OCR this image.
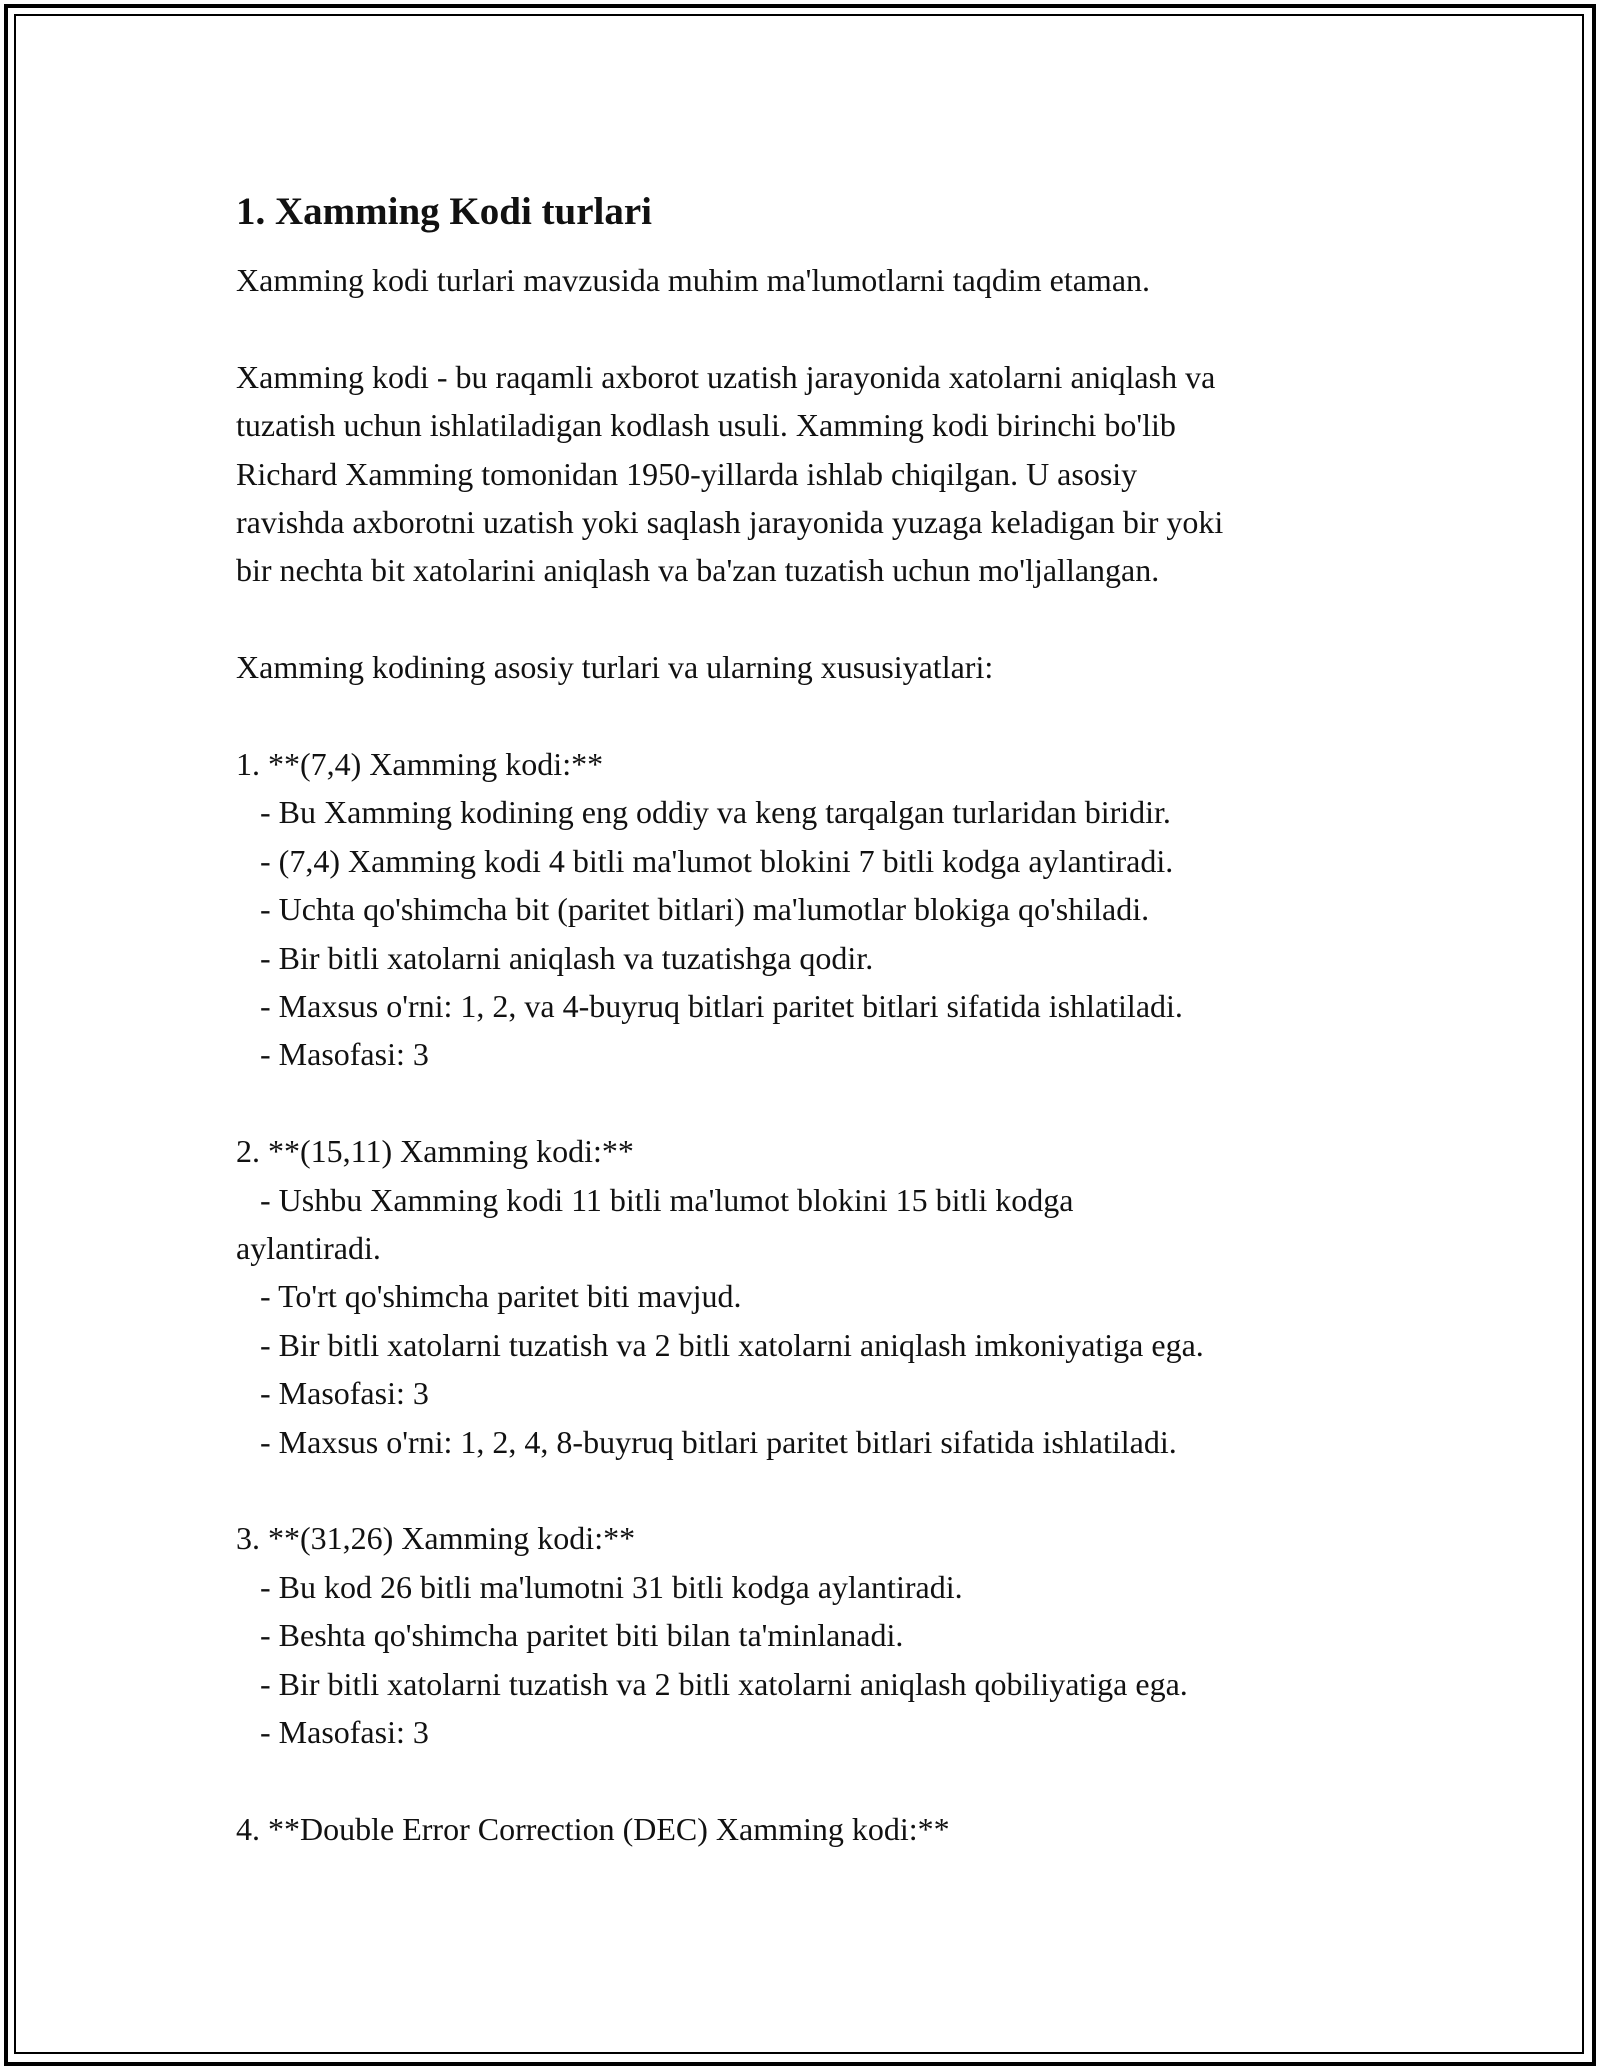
1. Xamming Kodi turlari

Xamming kodi turlari mavzusida muhim ma'lumotlarni taqdim etaman.

Xamming kodi - bu raqamli axborot uzatish jarayonida xatolarni aniqlash va

tuzatish uchun ishlatiladigan kodlash usuli. Xamming kodi birinchi bo'lib

Richard Xamming tomonidan 1950-yillarda ishlab chiqilgan. U asosiy

ravishda axborotni uzatish yoki saqlash jarayonida yuzaga keladigan bir yoki

bir nechta bit xatolarini aniqlash va ba'zan tuzatish uchun mo'ljallangan.

Xamming kodining asosiy turlari va ularning xususiyatlari:

1. **(7,4) Xamming kodi:**

- Bu Xamming kodining eng oddiy va keng tarqalgan turlaridan biridir.

- (7,4) Xamming kodi 4 bitli ma'lumot blokini 7 bitli kodga aylantiradi.

- Uchta qo'shimcha bit (paritet bitlari) ma'lumotlar blokiga qo'shiladi.

- Bir bitli xatolarni aniqlash va tuzatishga qodir.

- Maxsus o'rni: 1, 2, va 4-buyruq bitlari paritet bitlari sifatida ishlatiladi.

- Masofasi: 3

2. **(15,11) Xamming kodi:**

- Ushbu Xamming kodi 11 bitli ma'lumot blokini 15 bitli kodga

aylantiradi.

- To'rt qo'shimcha paritet biti mavjud.

- Bir bitli xatolarni tuzatish va 2 bitli xatolarni aniqlash imkoniyatiga ega.

- Masofasi: 3

- Maxsus o'rni: 1, 2, 4, 8-buyruq bitlari paritet bitlari sifatida ishlatiladi.

3. **(31,26) Xamming kodi:**

- Bu kod 26 bitli ma'lumotni 31 bitli kodga aylantiradi.

- Beshta qo'shimcha paritet biti bilan ta'minlanadi.

- Bir bitli xatolarni tuzatish va 2 bitli xatolarni aniqlash qobiliyatiga ega.

- Masofasi: 3

4. **Double Error Correction (DEC) Xamming kodi:**
